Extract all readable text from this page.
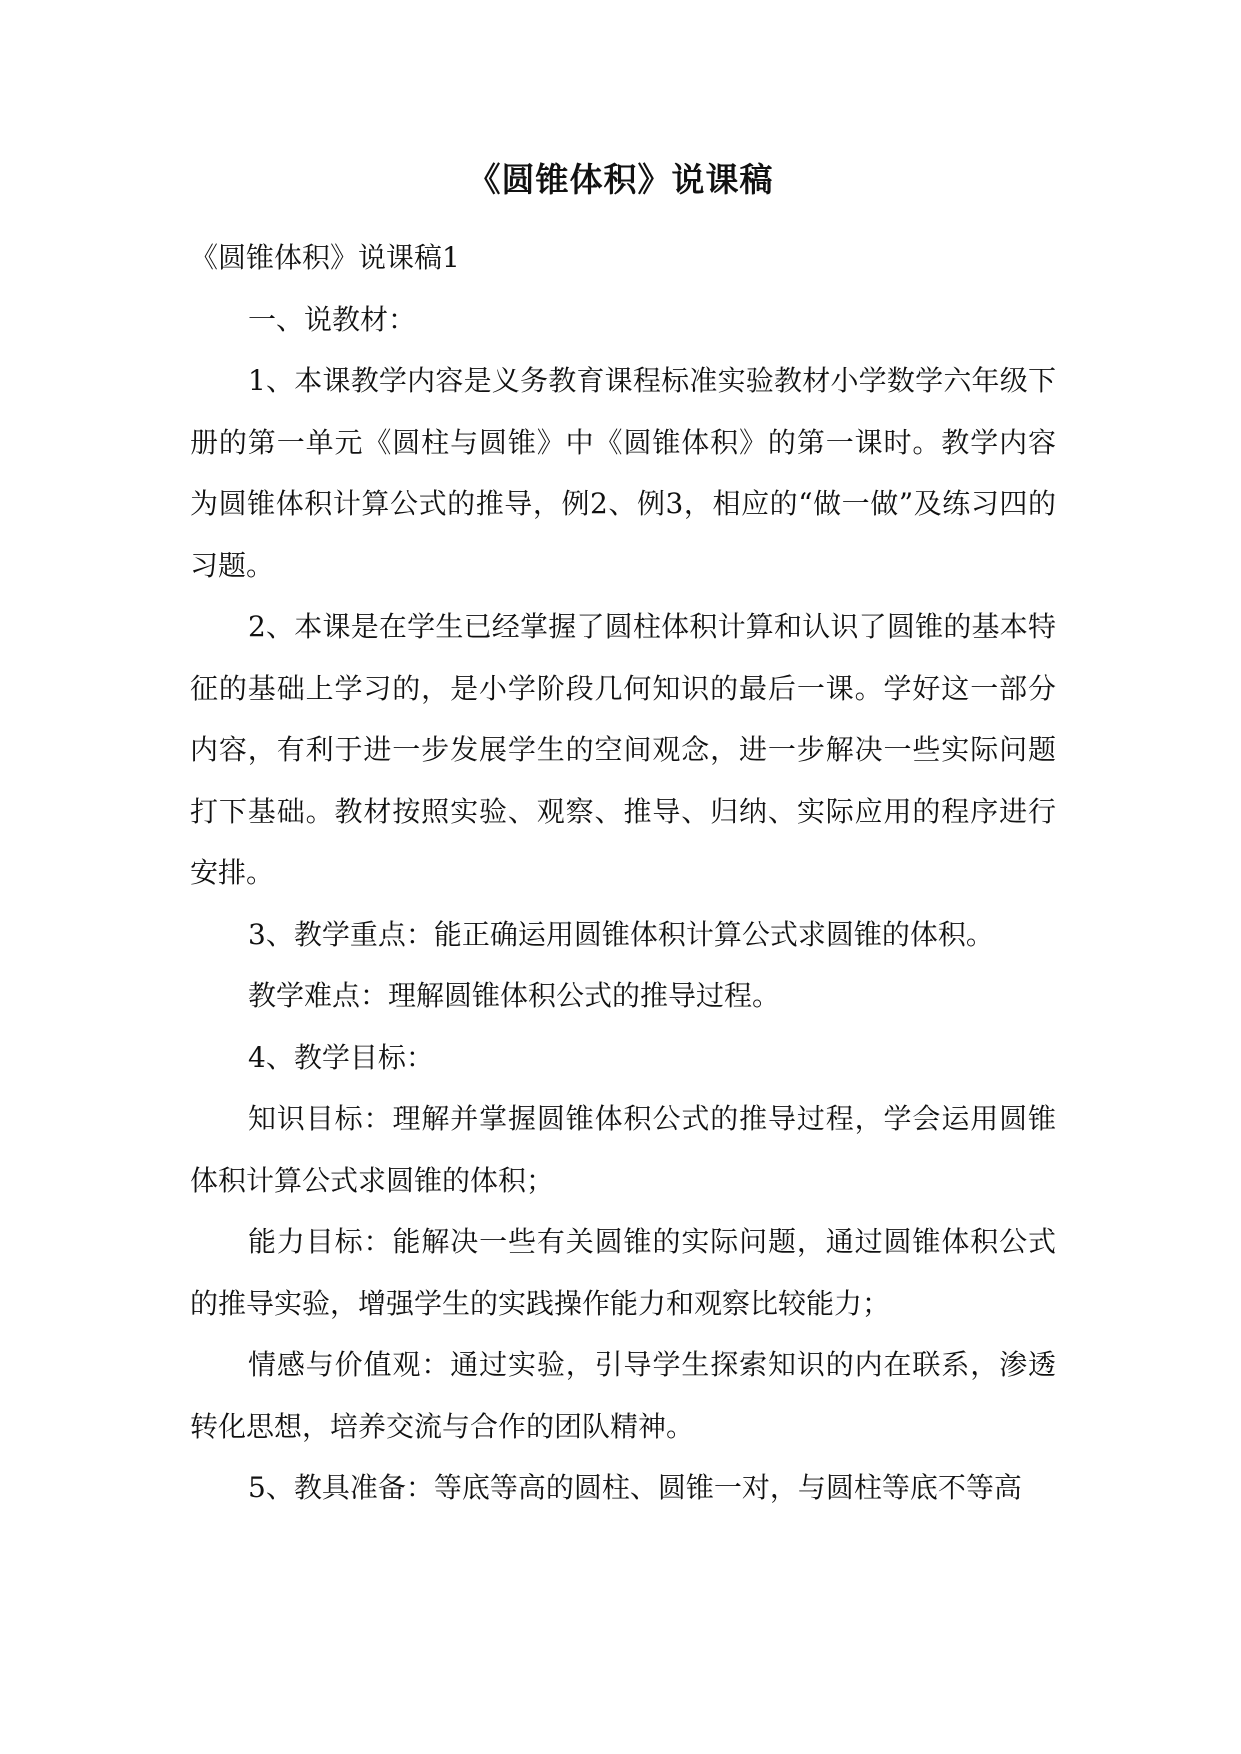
《圆锥体积》说课稿

《圆锥体积》说课稿1

一、说教材：

1、本课教学内容是义务教育课程标准实验教材小学数学六年级下册的第一单元《圆柱与圆锥》中《圆锥体积》的第一课时。教学内容为圆锥体积计算公式的推导，例2、例3，相应的“做一做”及练习四的习题。

2、本课是在学生已经掌握了圆柱体积计算和认识了圆锥的基本特征的基础上学习的，是小学阶段几何知识的最后一课。学好这一部分内容，有利于进一步发展学生的空间观念，进一步解决一些实际问题打下基础。教材按照实验、观察、推导、归纳、实际应用的程序进行安排。

3、教学重点：能正确运用圆锥体积计算公式求圆锥的体积。

教学难点：理解圆锥体积公式的推导过程。

4、教学目标：

知识目标：理解并掌握圆锥体积公式的推导过程，学会运用圆锥体积计算公式求圆锥的体积；

能力目标：能解决一些有关圆锥的实际问题，通过圆锥体积公式的推导实验，增强学生的实践操作能力和观察比较能力；

情感与价值观：通过实验，引导学生探索知识的内在联系，渗透转化思想，培养交流与合作的团队精神。

5、教具准备：等底等高的圆柱、圆锥一对，与圆柱等底不等高
